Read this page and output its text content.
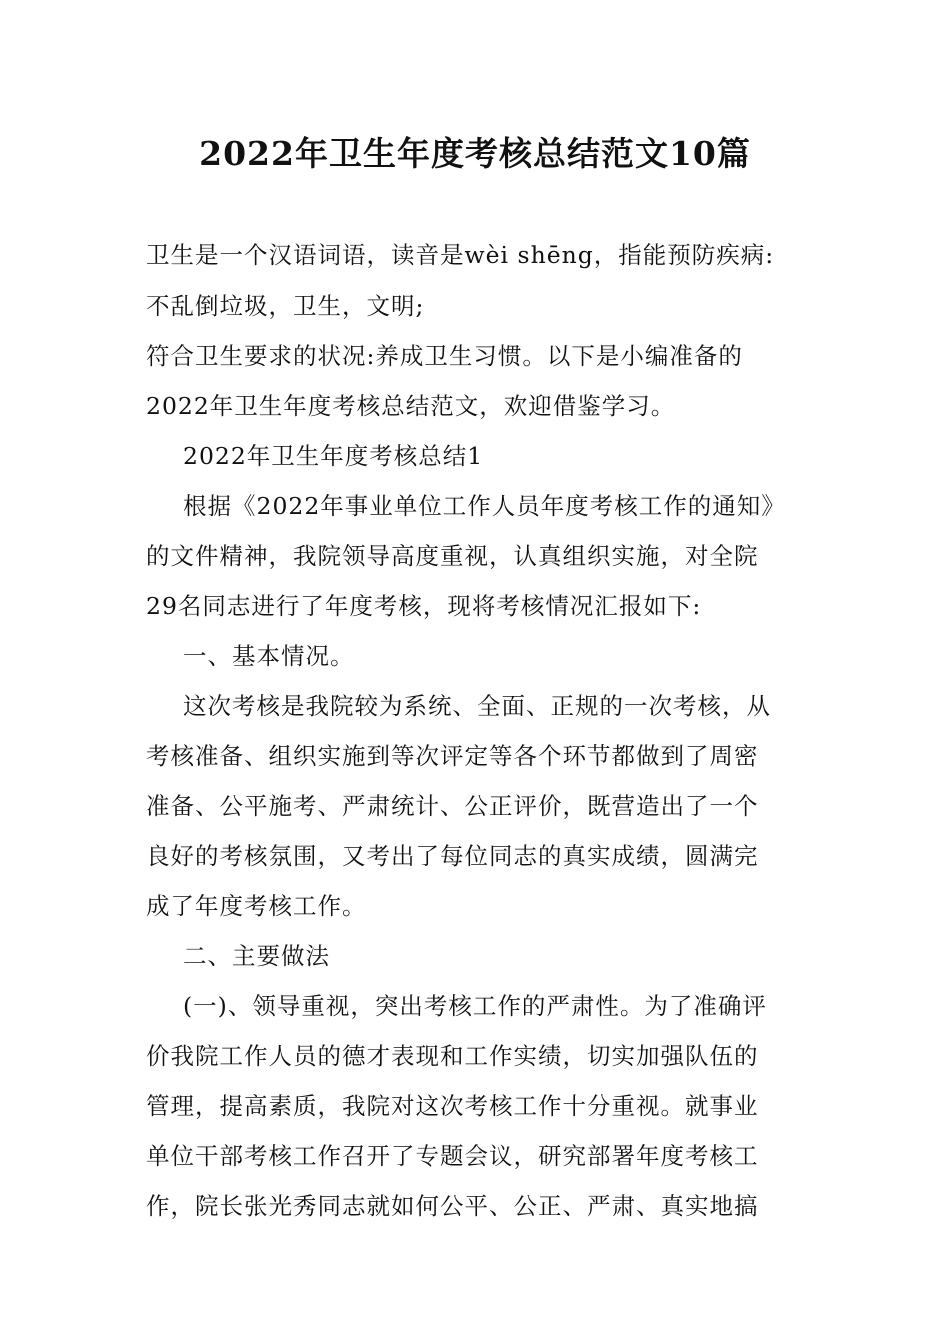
2022年卫生年度考核总结范文10篇
卫生是一个汉语词语，读音是wèi shēng，指能预防疾病:
不乱倒垃圾，卫生，文明;
符合卫生要求的状况:养成卫生习惯。以下是小编准备的
2022年卫生年度考核总结范文，欢迎借鉴学习。
2022年卫生年度考核总结1
根据《2022年事业单位工作人员年度考核工作的通知》
的文件精神，我院领导高度重视，认真组织实施，对全院
29名同志进行了年度考核，现将考核情况汇报如下:
一、基本情况。
这次考核是我院较为系统、全面、正规的一次考核，从
考核准备、组织实施到等次评定等各个环节都做到了周密
准备、公平施考、严肃统计、公正评价，既营造出了一个
良好的考核氛围，又考出了每位同志的真实成绩，圆满完
成了年度考核工作。
二、主要做法
(一)、领导重视，突出考核工作的严肃性。为了准确评
价我院工作人员的德才表现和工作实绩，切实加强队伍的
管理，提高素质，我院对这次考核工作十分重视。就事业
单位干部考核工作召开了专题会议，研究部署年度考核工
作，院长张光秀同志就如何公平、公正、严肃、真实地搞
